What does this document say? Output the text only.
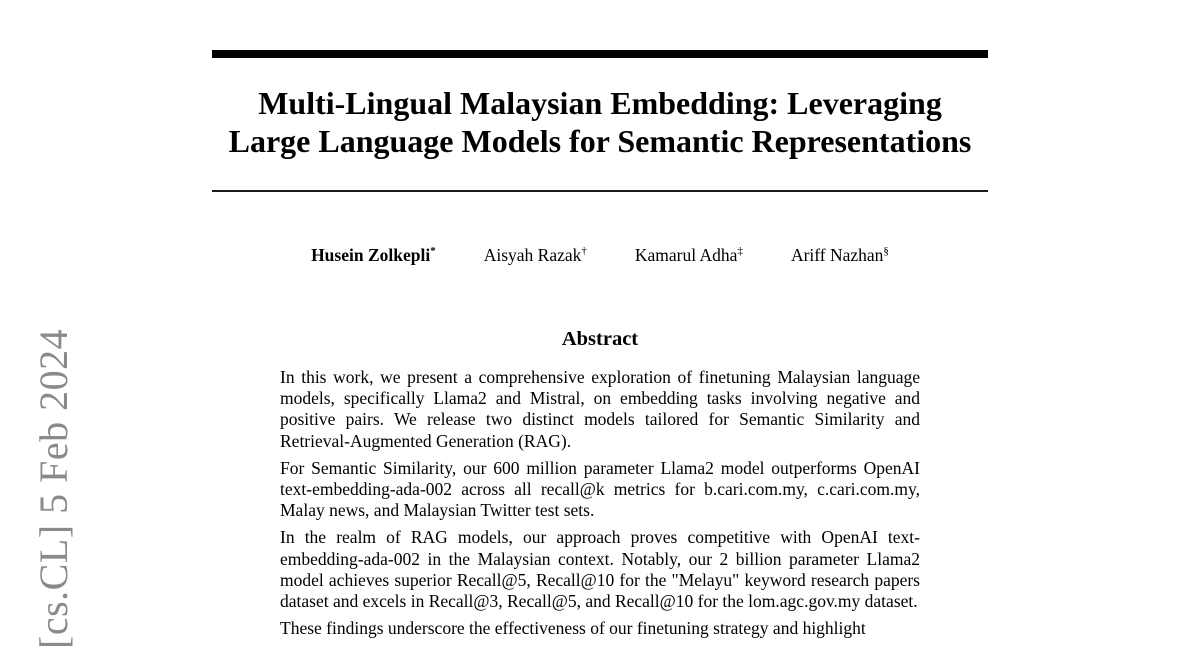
[cs.CL] 5 Feb 2024
Multi-Lingual Malaysian Embedding: Leveraging
Large Language Models for Semantic Representations
Husein Zolkepli*	Aisyah Razak†	Kamarul Adha‡	Ariff Nazhan§
Abstract

In this work, we present a comprehensive exploration of finetuning Malaysian language models, specifically Llama2 and Mistral, on embedding tasks involving negative and positive pairs. We release two distinct models tailored for Semantic Similarity and Retrieval-Augmented Generation (RAG).

For Semantic Similarity, our 600 million parameter Llama2 model outperforms OpenAI text-embedding-ada-002 across all recall@k metrics for b.cari.com.my, c.cari.com.my, Malay news, and Malaysian Twitter test sets.

In the realm of RAG models, our approach proves competitive with OpenAI text-embedding-ada-002 in the Malaysian context. Notably, our 2 billion parameter Llama2 model achieves superior Recall@5, Recall@10 for the "Melayu" keyword research papers dataset and excels in Recall@3, Recall@5, and Recall@10 for the lom.agc.gov.my dataset.

These findings underscore the effectiveness of our finetuning strategy and highlight
